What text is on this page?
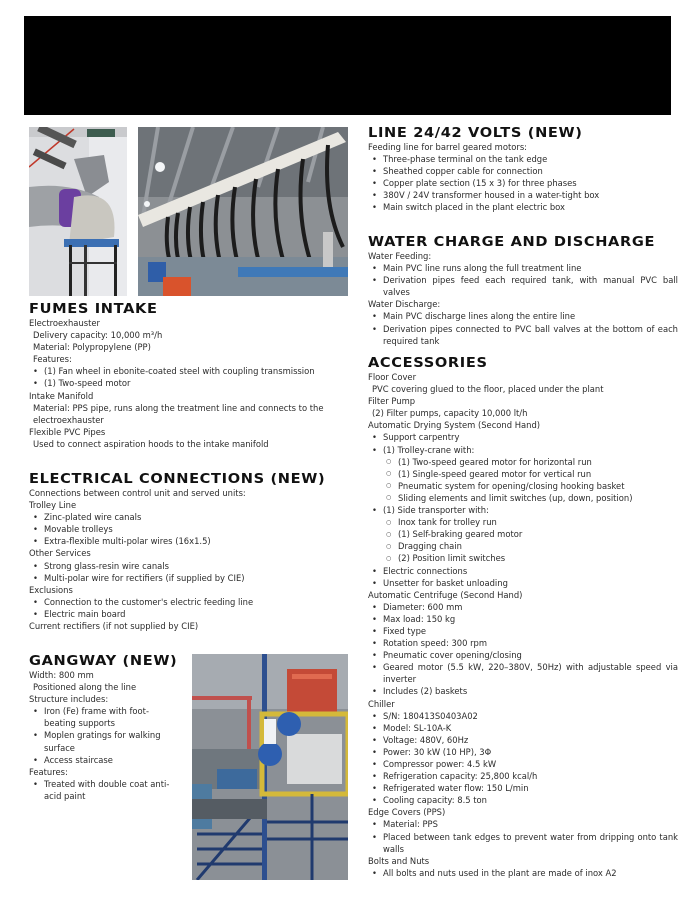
FUMES INTAKE

Electroexhauster

Delivery capacity: 10,000 m³/h

Material: Polypropylene (PP)

Features:

• (1) Fan wheel in ebonite-coated steel with coupling transmission
• (1) Two-speed motor

Intake Manifold

Material: PPS pipe, runs along the treatment line and connects to the electroexhauster

Flexible PVC Pipes

Used to connect aspiration hoods to the intake manifold

ELECTRICAL CONNECTIONS (NEW)

Connections between control unit and served units:

Trolley Line

• Zinc-plated wire canals
• Movable trolleys
• Extra-flexible multi-polar wires (16x1.5)

Other Services

• Strong glass-resin wire canals
• Multi-polar wire for rectifiers (if supplied by CIE)

Exclusions

• Connection to the customer's electric feeding line
• Electric main board

Current rectifiers (if not supplied by CIE)

GANGWAY (NEW)

Width: 800 mm

Positioned along the line

Structure includes:

• Iron (Fe) frame with foot-beating supports
• Moplen gratings for walking surface
• Access staircase

Features:

• Treated with double coat anti-acid paint
LINE 24/42 VOLTS (NEW)

Feeding line for barrel geared motors:

• Three-phase terminal on the tank edge
• Sheathed copper cable for connection
• Copper plate section (15 x 3) for three phases
• 380V / 24V transformer housed in a water-tight box
• Main switch placed in the plant electric box
WATER CHARGE AND DISCHARGE

Water Feeding:

• Main PVC line runs along the full treatment line
• Derivation pipes feed each required tank, with manual PVC ball valves

Water Discharge:

• Main PVC discharge lines along the entire line
• Derivation pipes connected to PVC ball valves at the bottom of each required tank
ACCESSORIES

Floor Cover

PVC covering glued to the floor, placed under the plant

Filter Pump

(2) Filter pumps, capacity 10,000 lt/h

Automatic Drying System (Second Hand)

• Support carpentry
• (1) Trolley-crane with:
○ (1) Two-speed geared motor for horizontal run
○ (1) Single-speed geared motor for vertical run
○ Pneumatic system for opening/closing hooking basket
○ Sliding elements and limit switches (up, down, position)
• (1) Side transporter with:
○ Inox tank for trolley run
○ (1) Self-braking geared motor
○ Dragging chain
○ (2) Position limit switches
• Electric connections
• Unsetter for basket unloading

Automatic Centrifuge (Second Hand)

• Diameter: 600 mm
• Max load: 150 kg
• Fixed type
• Rotation speed: 300 rpm
• Pneumatic cover opening/closing
• Geared motor (5.5 kW, 220–380V, 50Hz) with adjustable speed via inverter
• Includes (2) baskets

Chiller

• S/N: 180413S0403A02
• Model: SL-10A-K
• Voltage: 480V, 60Hz
• Power: 30 kW (10 HP), 3Φ
• Compressor power: 4.5 kW
• Refrigeration capacity: 25,800 kcal/h
• Refrigerated water flow: 150 L/min
• Cooling capacity: 8.5 ton

Edge Covers (PPS)

• Material: PPS
• Placed between tank edges to prevent water from dripping onto tank walls

Bolts and Nuts

• All bolts and nuts used in the plant are made of inox A2
